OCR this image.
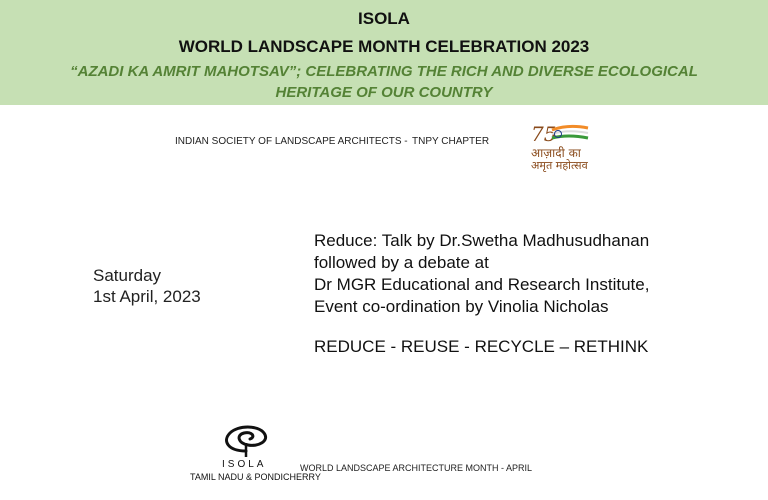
ISOLA
WORLD LANDSCAPE MONTH CELEBRATION 2023
“AZADI KA AMRIT MAHOTSAV”; CELEBRATING THE RICH AND DIVERSE ECOLOGICAL
HERITAGE OF OUR COUNTRY
INDIAN SOCIETY OF LANDSCAPE ARCHITECTS - TNPY CHAPTER 75
आज़ादी का
अमृत महोत्सव
Saturday
1st April, 2023
Reduce: Talk by Dr.Swetha Madhusudhanan
followed by a debate at
Dr MGR Educational and Research Institute,
Event co-ordination by Vinolia Nicholas
REDUCE - REUSE - RECYCLE – RETHINK
ISOLA
TAMIL NADU & PONDICHERRY
WORLD LANDSCAPE ARCHITECTURE MONTH - APRIL
